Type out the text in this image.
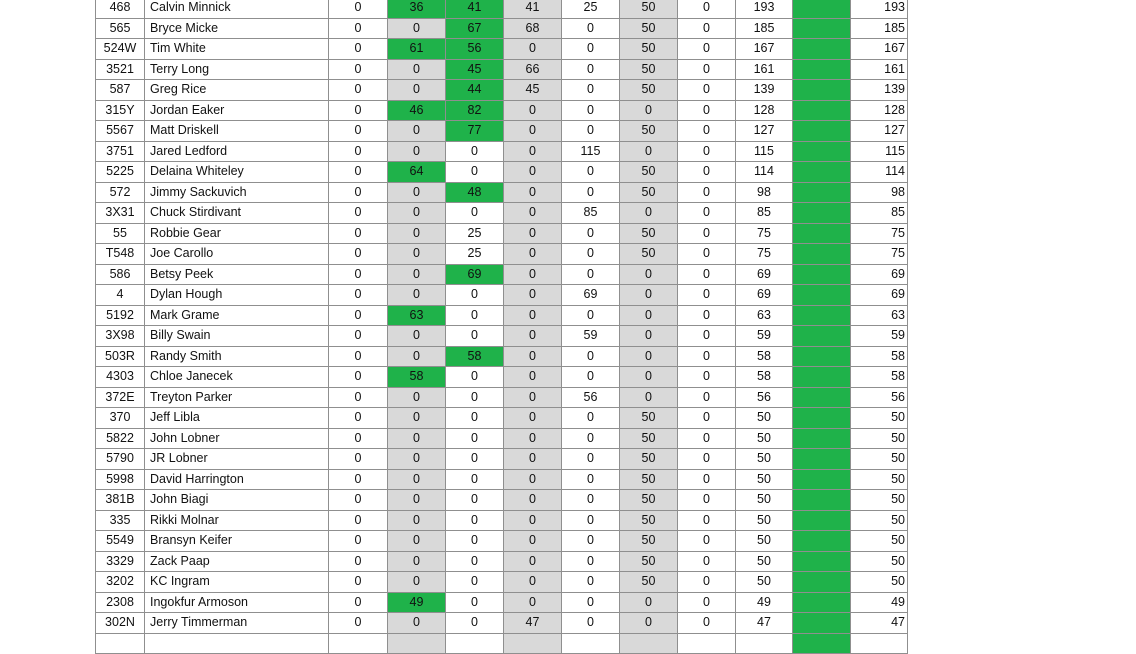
468	Calvin Minnick	0	36	41	41	25	50	0	193		193
565	Bryce Micke	0	0	67	68	0	50	0	185		185
524W	Tim White	0	61	56	0	0	50	0	167		167
3521	Terry Long	0	0	45	66	0	50	0	161		161
587	Greg Rice	0	0	44	45	0	50	0	139		139
315Y	Jordan Eaker	0	46	82	0	0	0	0	128		128
5567	Matt Driskell	0	0	77	0	0	50	0	127		127
3751	Jared Ledford	0	0	0	0	115	0	0	115		115
5225	Delaina Whiteley	0	64	0	0	0	50	0	114		114
572	Jimmy Sackuvich	0	0	48	0	0	50	0	98		98
3X31	Chuck Stirdivant	0	0	0	0	85	0	0	85		85
55	Robbie Gear	0	0	25	0	0	50	0	75		75
T548	Joe Carollo	0	0	25	0	0	50	0	75		75
586	Betsy Peek	0	0	69	0	0	0	0	69		69
4	Dylan Hough	0	0	0	0	69	0	0	69		69
5192	Mark Grame	0	63	0	0	0	0	0	63		63
3X98	Billy Swain	0	0	0	0	59	0	0	59		59
503R	Randy Smith	0	0	58	0	0	0	0	58		58
4303	Chloe Janecek	0	58	0	0	0	0	0	58		58
372E	Treyton Parker	0	0	0	0	56	0	0	56		56
370	Jeff Libla	0	0	0	0	0	50	0	50		50
5822	John Lobner	0	0	0	0	0	50	0	50		50
5790	JR Lobner	0	0	0	0	0	50	0	50		50
5998	David Harrington	0	0	0	0	0	50	0	50		50
381B	John Biagi	0	0	0	0	0	50	0	50		50
335	Rikki Molnar	0	0	0	0	0	50	0	50		50
5549	Bransyn Keifer	0	0	0	0	0	50	0	50		50
3329	Zack Paap	0	0	0	0	0	50	0	50		50
3202	KC Ingram	0	0	0	0	0	50	0	50		50
2308	Ingokfur Armoson	0	49	0	0	0	0	0	49		49
302N	Jerry Timmerman	0	0	0	47	0	0	0	47		47
